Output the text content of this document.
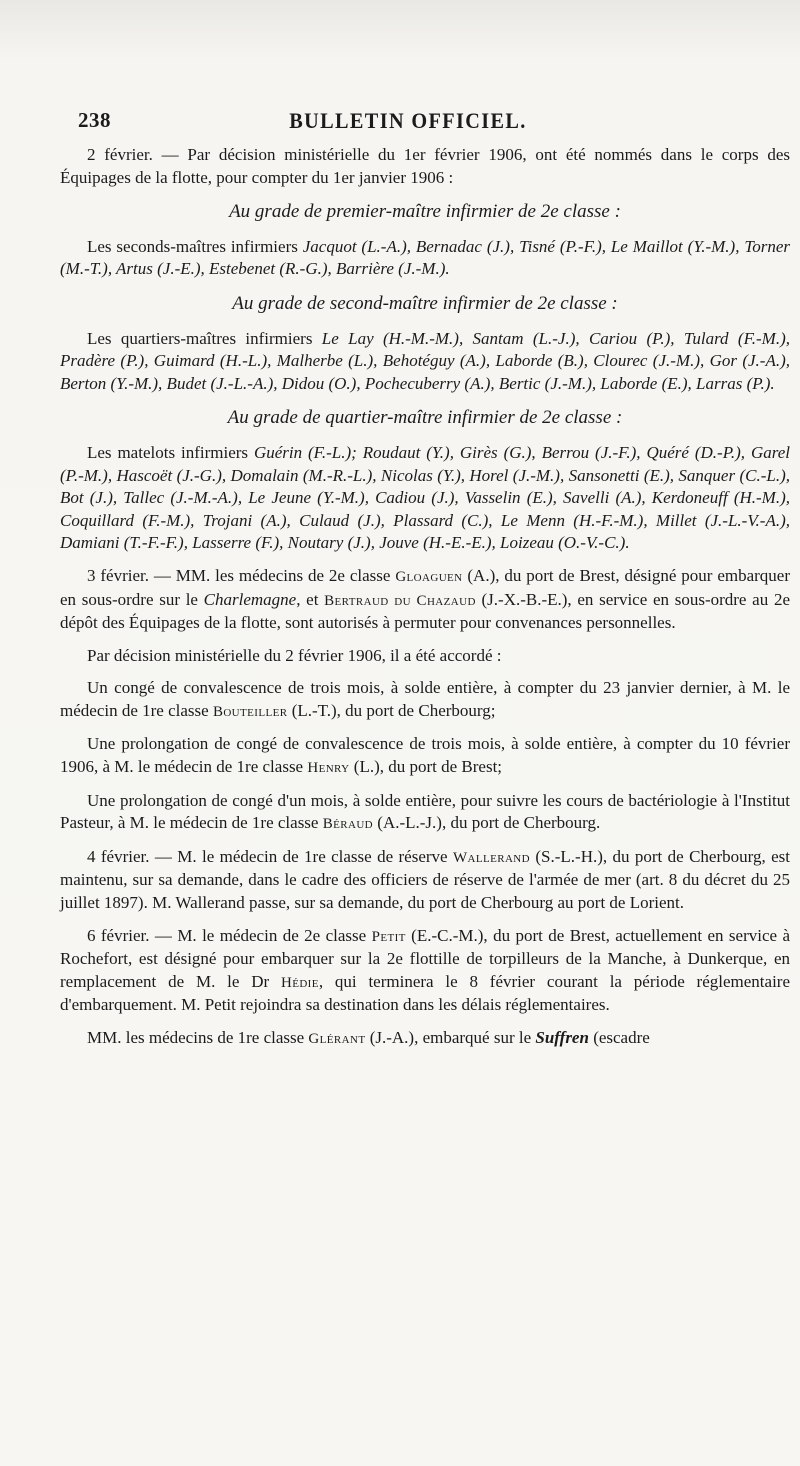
238	BULLETIN OFFICIEL.

2 février. — Par décision ministérielle du 1er février 1906, ont été nommés dans le corps des Équipages de la flotte, pour compter du 1er janvier 1906 :

Au grade de premier-maître infirmier de 2e classe :

Les seconds-maîtres infirmiers Jacquot (L.-A.), Bernadac (J.), Tisné (P.-F.), Le Maillot (Y.-M.), Torner (M.-T.), Artus (J.-E.), Estebenet (R.-G.), Barrière (J.-M.).

Au grade de second-maître infirmier de 2e classe :

Les quartiers-maîtres infirmiers Le Lay (H.-M.-M.), Santam (L.-J.), Cariou (P.), Tulard (F.-M.), Pradère (P.), Guimard (H.-L.), Malherbe (L.), Behotéguy (A.), Laborde (B.), Clourec (J.-M.), Gor (J.-A.), Berton (Y.-M.), Budet (J.-L.-A.), Didou (O.), Pochecuberry (A.), Bertic (J.-M.), Laborde (E.), Larras (P.).

Au grade de quartier-maître infirmier de 2e classe :

Les matelots infirmiers Guérin (F.-L.); Roudaut (Y.), Girès (G.), Berrou (J.-F.), Quéré (D.-P.), Garel (P.-M.), Hascoët (J.-G.), Domalain (M.-R.-L.), Nicolas (Y.), Horel (J.-M.), Sansonetti (E.), Sanquer (C.-L.), Bot (J.), Tallec (J.-M.-A.), Le Jeune (Y.-M.), Cadiou (J.), Vasselin (E.), Savelli (A.), Kerdoneuff (H.-M.), Coquillard (F.-M.), Trojani (A.), Culaud (J.), Plassard (C.), Le Menn (H.-F.-M.), Millet (J.-L.-V.-A.), Damiani (T.-F.-F.), Lasserre (F.), Noutary (J.), Jouve (H.-E.-E.), Loizeau (O.-V.-C.).

3 février. — MM. les médecins de 2e classe Gloaguen (A.), du port de Brest, désigné pour embarquer en sous-ordre sur le Charlemagne, et Bertraud du Chazaud (J.-X.-B.-E.), en service en sous-ordre au 2e dépôt des Équipages de la flotte, sont autorisés à permuter pour convenances personnelles.

Par décision ministérielle du 2 février 1906, il a été accordé :

Un congé de convalescence de trois mois, à solde entière, à compter du 23 janvier dernier, à M. le médecin de 1re classe Bouteiller (L.-T.), du port de Cherbourg;

Une prolongation de congé de convalescence de trois mois, à solde entière, à compter du 10 février 1906, à M. le médecin de 1re classe Henry (L.), du port de Brest;

Une prolongation de congé d'un mois, à solde entière, pour suivre les cours de bactériologie à l'Institut Pasteur, à M. le médecin de 1re classe Béraud (A.-L.-J.), du port de Cherbourg.

4 février. — M. le médecin de 1re classe de réserve Wallerand (S.-L.-H.), du port de Cherbourg, est maintenu, sur sa demande, dans le cadre des officiers de réserve de l'armée de mer (art. 8 du décret du 25 juillet 1897). M. Wallerand passe, sur sa demande, du port de Cherbourg au port de Lorient.

6 février. — M. le médecin de 2e classe Petit (E.-C.-M.), du port de Brest, actuellement en service à Rochefort, est désigné pour embarquer sur la 2e flottille de torpilleurs de la Manche, à Dunkerque, en remplacement de M. le Dr Hédie, qui terminera le 8 février courant la période réglementaire d'embarquement. M. Petit rejoindra sa destination dans les délais réglementaires.

MM. les médecins de 1re classe Glérant (J.-A.), embarqué sur le Suffren (escadre
